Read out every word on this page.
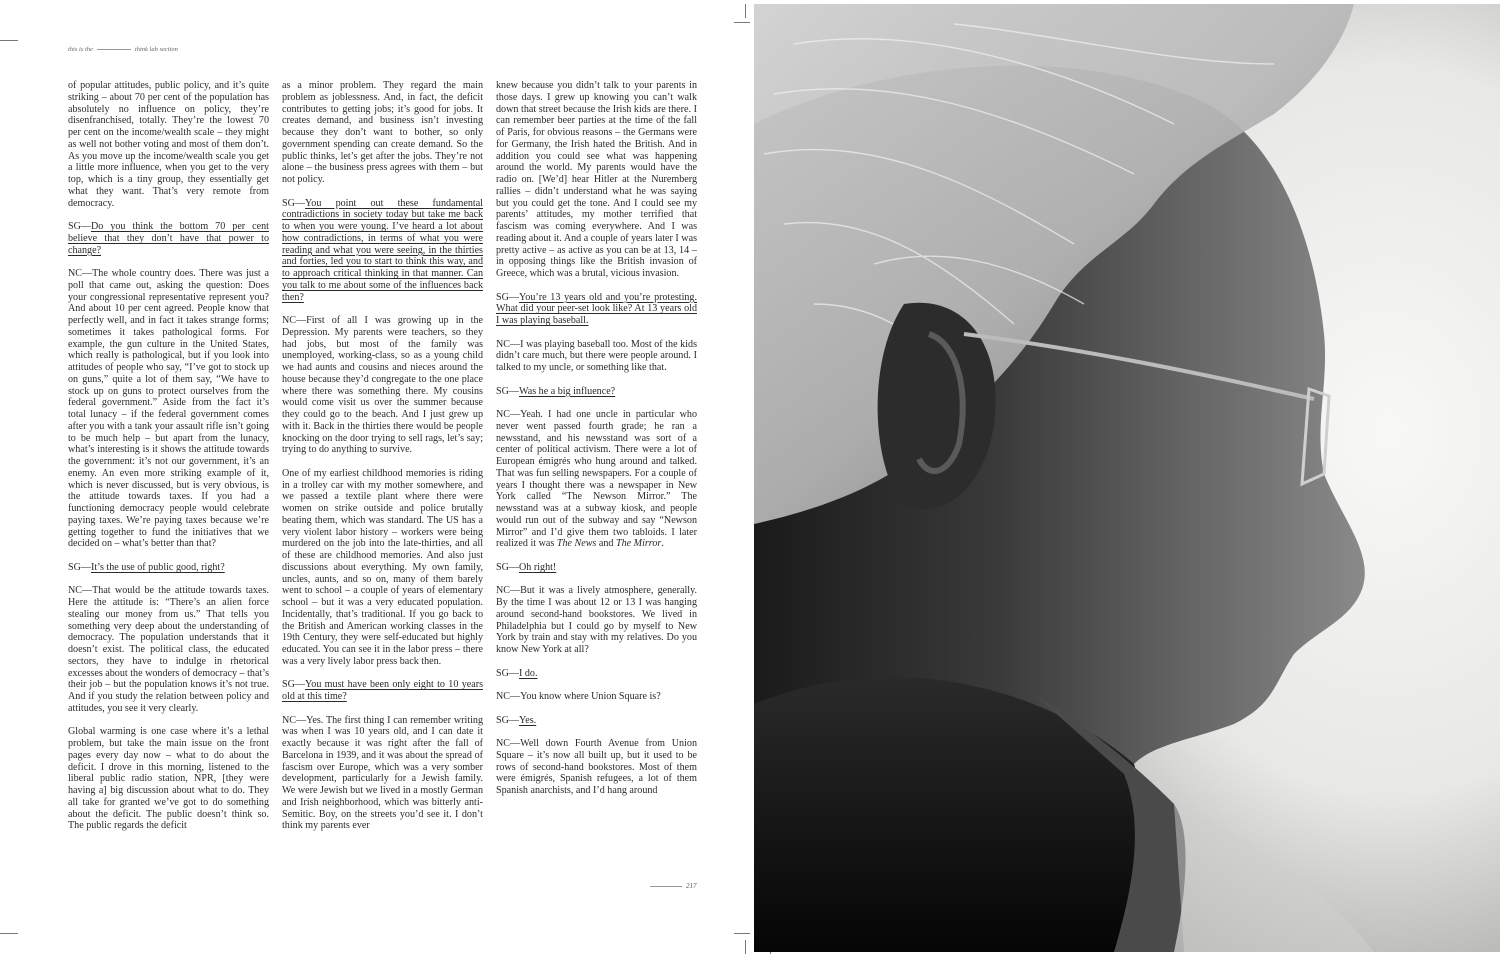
this is the	think lab section

of popular attitudes, public policy, and it’s quite striking – about 70 per cent of the population has absolutely no influence on policy, they’re disenfranchised, totally. They’re the lowest 70 per cent on the income/wealth scale – they might as well not bother voting and most of them don’t. As you move up the income/wealth scale you get a little more influence, when you get to the very top, which is a tiny group, they essentially get what they want. That’s very remote from democracy.

SG—Do you think the bottom 70 per cent believe that they don’t have that power to change?

NC—The whole country does. There was just a poll that came out, asking the question: Does your congressional representative represent you? And about 10 per cent agreed. People know that perfectly well, and in fact it takes strange forms; sometimes it takes pathological forms. For example, the gun culture in the United States, which really is pathological, but if you look into attitudes of people who say, “I’ve got to stock up on guns,” quite a lot of them say, “We have to stock up on guns to protect ourselves from the federal government.” Aside from the fact it’s total lunacy – if the federal government comes after you with a tank your assault rifle isn’t going to be much help – but apart from the lunacy, what’s interesting is it shows the attitude towards the government: it’s not our government, it’s an enemy. An even more striking example of it, which is never discussed, but is very obvious, is the attitude towards taxes. If you had a functioning democracy people would celebrate paying taxes. We’re paying taxes because we’re getting together to fund the initiatives that we decided on – what’s better than that?

SG—It’s the use of public good, right?

NC—That would be the attitude towards taxes. Here the attitude is: “There’s an alien force stealing our money from us.” That tells you something very deep about the understanding of democracy. The population understands that it doesn’t exist. The political class, the educated sectors, they have to indulge in rhetorical excesses about the wonders of democracy – that’s their job – but the population knows it’s not true. And if you study the relation between policy and attitudes, you see it very clearly.

Global warming is one case where it’s a lethal problem, but take the main issue on the front pages every day now – what to do about the deficit. I drove in this morning, listened to the liberal public radio station, NPR, [they were having a] big discussion about what to do. They all take for granted we’ve got to do something about the deficit. The public doesn’t think so. The public regards the deficit

as a minor problem. They regard the main problem as joblessness. And, in fact, the deficit contributes to getting jobs; it’s good for jobs. It creates demand, and business isn’t investing because they don’t want to bother, so only government spending can create demand. So the public thinks, let’s get after the jobs. They’re not alone – the business press agrees with them – but not policy.

SG—You point out these fundamental contradictions in society today but take me back to when you were young. I’ve heard a lot about how contradictions, in terms of what you were reading and what you were seeing, in the thirties and forties, led you to start to think this way, and to approach critical thinking in that manner. Can you talk to me about some of the influences back then?

NC—First of all I was growing up in the Depression. My parents were teachers, so they had jobs, but most of the family was unemployed, working-class, so as a young child we had aunts and cousins and nieces around the house because they’d congregate to the one place where there was something there. My cousins would come visit us over the summer because they could go to the beach. And I just grew up with it. Back in the thirties there would be people knocking on the door trying to sell rags, let’s say; trying to do anything to survive.

One of my earliest childhood memories is riding in a trolley car with my mother somewhere, and we passed a textile plant where there were women on strike outside and police brutally beating them, which was standard. The US has a very violent labor history – workers were being murdered on the job into the late-thirties, and all of these are childhood memories. And also just discussions about everything. My own family, uncles, aunts, and so on, many of them barely went to school – a couple of years of elementary school – but it was a very educated population. Incidentally, that’s traditional. If you go back to the British and American working classes in the 19th Century, they were self-educated but highly educated. You can see it in the labor press – there was a very lively labor press back then.

SG—You must have been only eight to 10 years old at this time?

NC—Yes. The first thing I can remember writing was when I was 10 years old, and I can date it exactly because it was right after the fall of Barcelona in 1939, and it was about the spread of fascism over Europe, which was a very somber development, particularly for a Jewish family. We were Jewish but we lived in a mostly German and Irish neighborhood, which was bitterly anti-Semitic. Boy, on the streets you’d see it. I don’t think my parents ever

knew because you didn’t talk to your parents in those days. I grew up knowing you can’t walk down that street because the Irish kids are there. I can remember beer parties at the time of the fall of Paris, for obvious reasons – the Germans were for Germany, the Irish hated the British. And in addition you could see what was happening around the world. My parents would have the radio on. [We’d] hear Hitler at the Nuremberg rallies – didn’t understand what he was saying but you could get the tone. And I could see my parents’ attitudes, my mother terrified that fascism was coming everywhere. And I was reading about it. And a couple of years later I was pretty active – as active as you can be at 13, 14 – in opposing things like the British invasion of Greece, which was a brutal, vicious invasion.

SG—You’re 13 years old and you’re protesting. What did your peer-set look like? At 13 years old I was playing baseball.

NC—I was playing baseball too. Most of the kids didn’t care much, but there were people around. I talked to my uncle, or something like that.

SG—Was he a big influence?

NC—Yeah. I had one uncle in particular who never went passed fourth grade; he ran a newsstand, and his newsstand was sort of a center of political activism. There were a lot of European émigrés who hung around and talked. That was fun selling newspapers. For a couple of years I thought there was a newspaper in New York called “The Newson Mirror.” The newsstand was at a subway kiosk, and people would run out of the subway and say “Newson Mirror” and I’d give them two tabloids. I later realized it was The News and The Mirror.

SG—Oh right!

NC—But it was a lively atmosphere, generally. By the time I was about 12 or 13 I was hanging around second-hand bookstores. We lived in Philadelphia but I could go by myself to New York by train and stay with my relatives. Do you know New York at all?

SG—I do.

NC—You know where Union Square is?

SG—Yes.

NC—Well down Fourth Avenue from Union Square – it’s now all built up, but it used to be rows of second-hand bookstores. Most of them were émigrés, Spanish refugees, a lot of them Spanish anarchists, and I’d hang around

217
